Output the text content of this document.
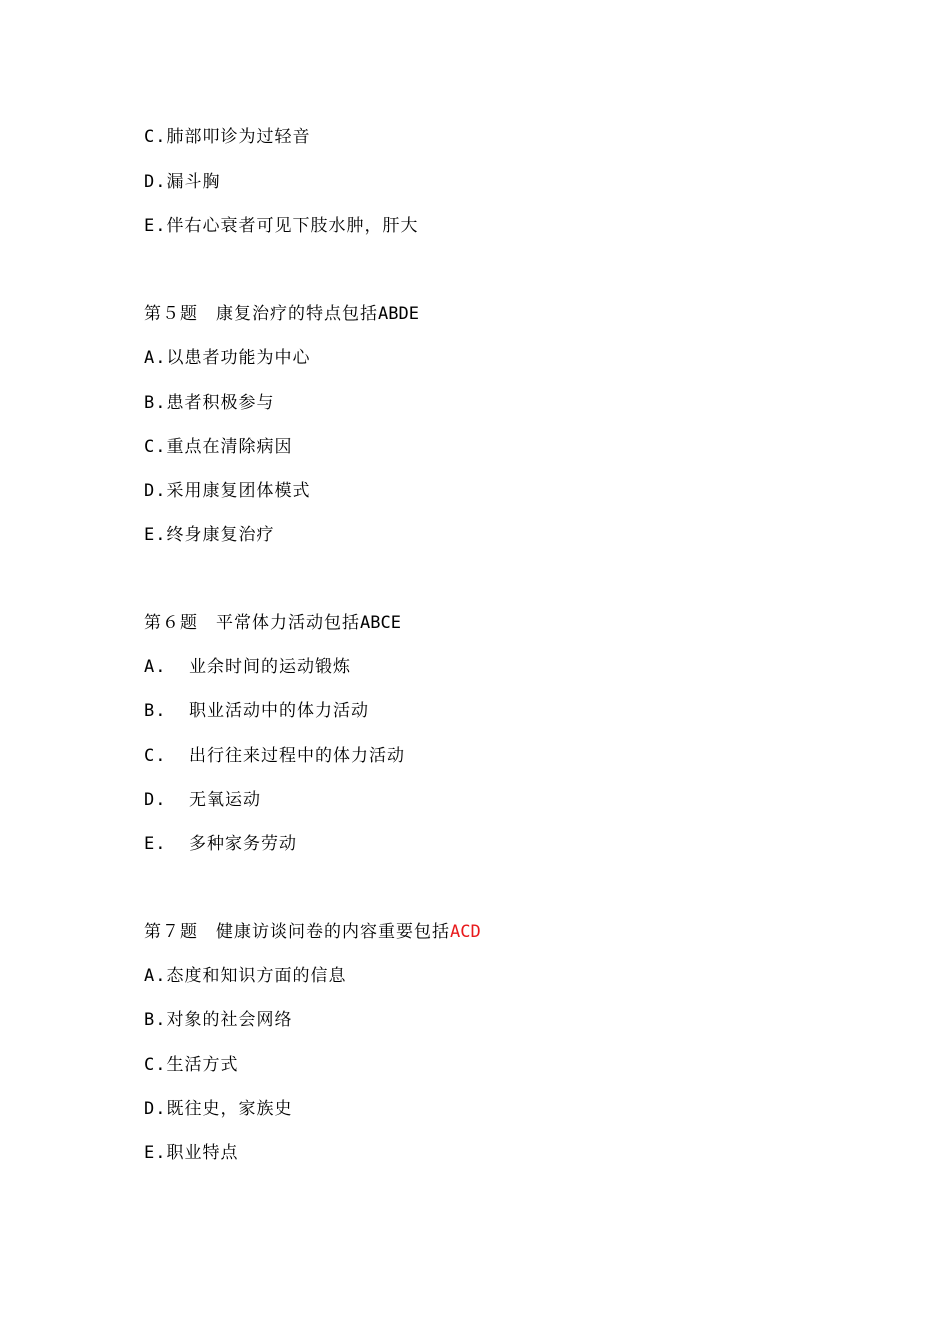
C.肺部叩诊为过轻音
D.漏斗胸
E.伴右心衰者可见下肢水肿，肝大
第５题　康复治疗的特点包括ABDE
A.以患者功能为中心
B.患者积极参与
C.重点在清除病因
D.采用康复团体模式
E.终身康复治疗
第６题　平常体力活动包括ABCE
A.  业余时间的运动锻炼
B.  职业活动中的体力活动
C.  出行往来过程中的体力活动
D.  无氧运动
E.  多种家务劳动
第７题　健康访谈问卷的内容重要包括ACD
A.态度和知识方面的信息
B.对象的社会网络
C.生活方式
D.既往史，家族史
E.职业特点
